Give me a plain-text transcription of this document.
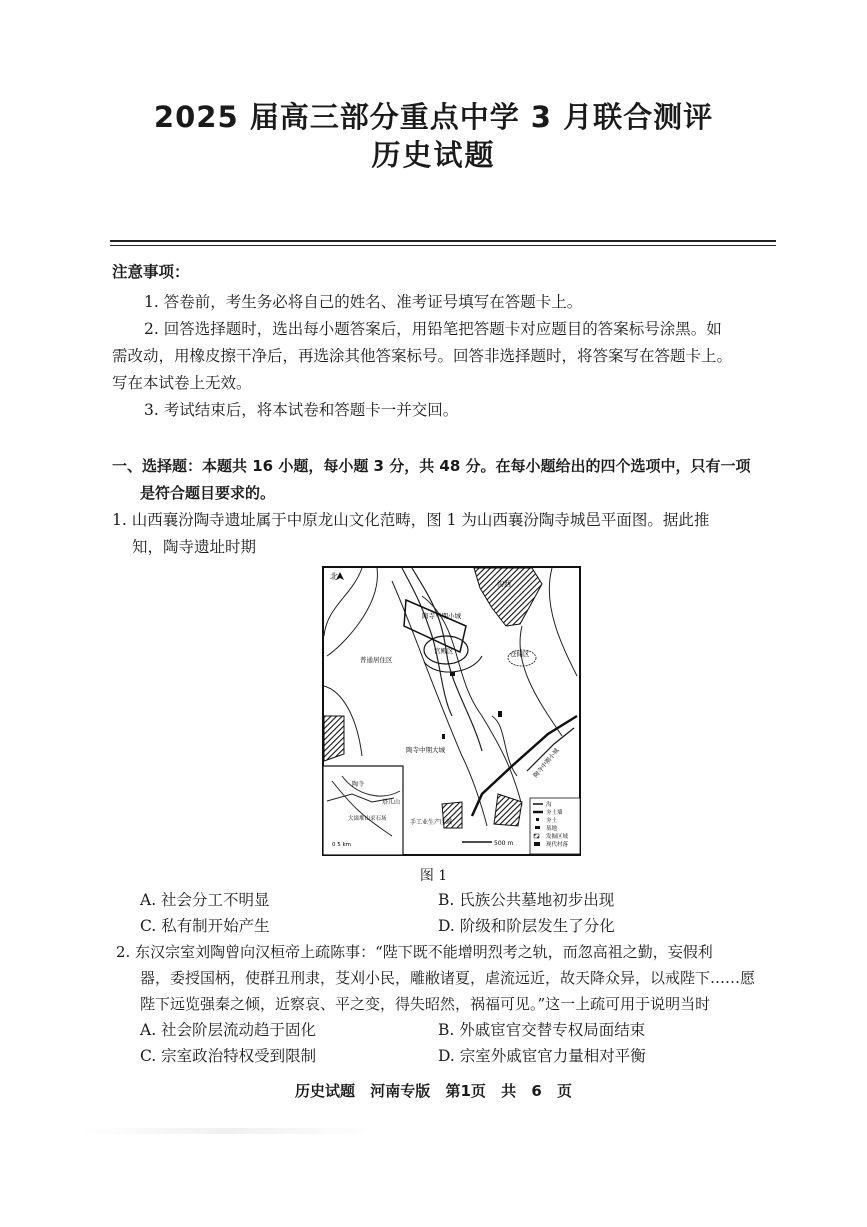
2025 届高三部分重点中学 3 月联合测评
历史试题
注意事项：
1. 答卷前，考生务必将自己的姓名、准考证号填写在答题卡上。
2. 回答选择题时，选出每小题答案后，用铅笔把答题卡对应题目的答案标号涂黑。如
需改动，用橡皮擦干净后，再选涂其他答案标号。回答非选择题时，将答案写在答题卡上。
写在本试卷上无效。
3. 考试结束后，将本试卷和答题卡一并交回。
一、选择题：本题共 16 小题，每小题 3 分，共 48 分。在每小题给出的四个选项中，只有一项
是符合题目要求的。
1. 山西襄汾陶寺遗址属于中原龙山文化范畴，图 1 为山西襄汾陶寺城邑平面图。据此推
知，陶寺遗址时期
北
沟西
陶寺早期小城
宫殿区
普通居住区
仓储区
陶寺中期大城	陶寺中期小城
陶寺
塔儿山
大崮堆山采石场
0 5 km
手工业生产区域
500 m
沟
夯土墙
夯土
墓地
发掘区域
现代村落
图 1
A. 社会分工不明显	B. 氏族公共墓地初步出现
C. 私有制开始产生	D. 阶级和阶层发生了分化
2. 东汉宗室刘陶曾向汉桓帝上疏陈事：“陛下既不能增明烈考之轨，而忽高祖之勤，妄假利
器，委授国柄，使群丑刑隶，芟刈小民，雕敝诸夏，虐流远近，故天降众异，以戒陛下……愿
陛下远览强秦之倾，近察哀、平之变，得失昭然，祸福可见。”这一上疏可用于说明当时
A. 社会阶层流动趋于固化	B. 外戚宦官交替专权局面结束
C. 宗室政治特权受到限制	D. 宗室外戚宦官力量相对平衡
历史试题 河南专版 第1页 共 6 页
